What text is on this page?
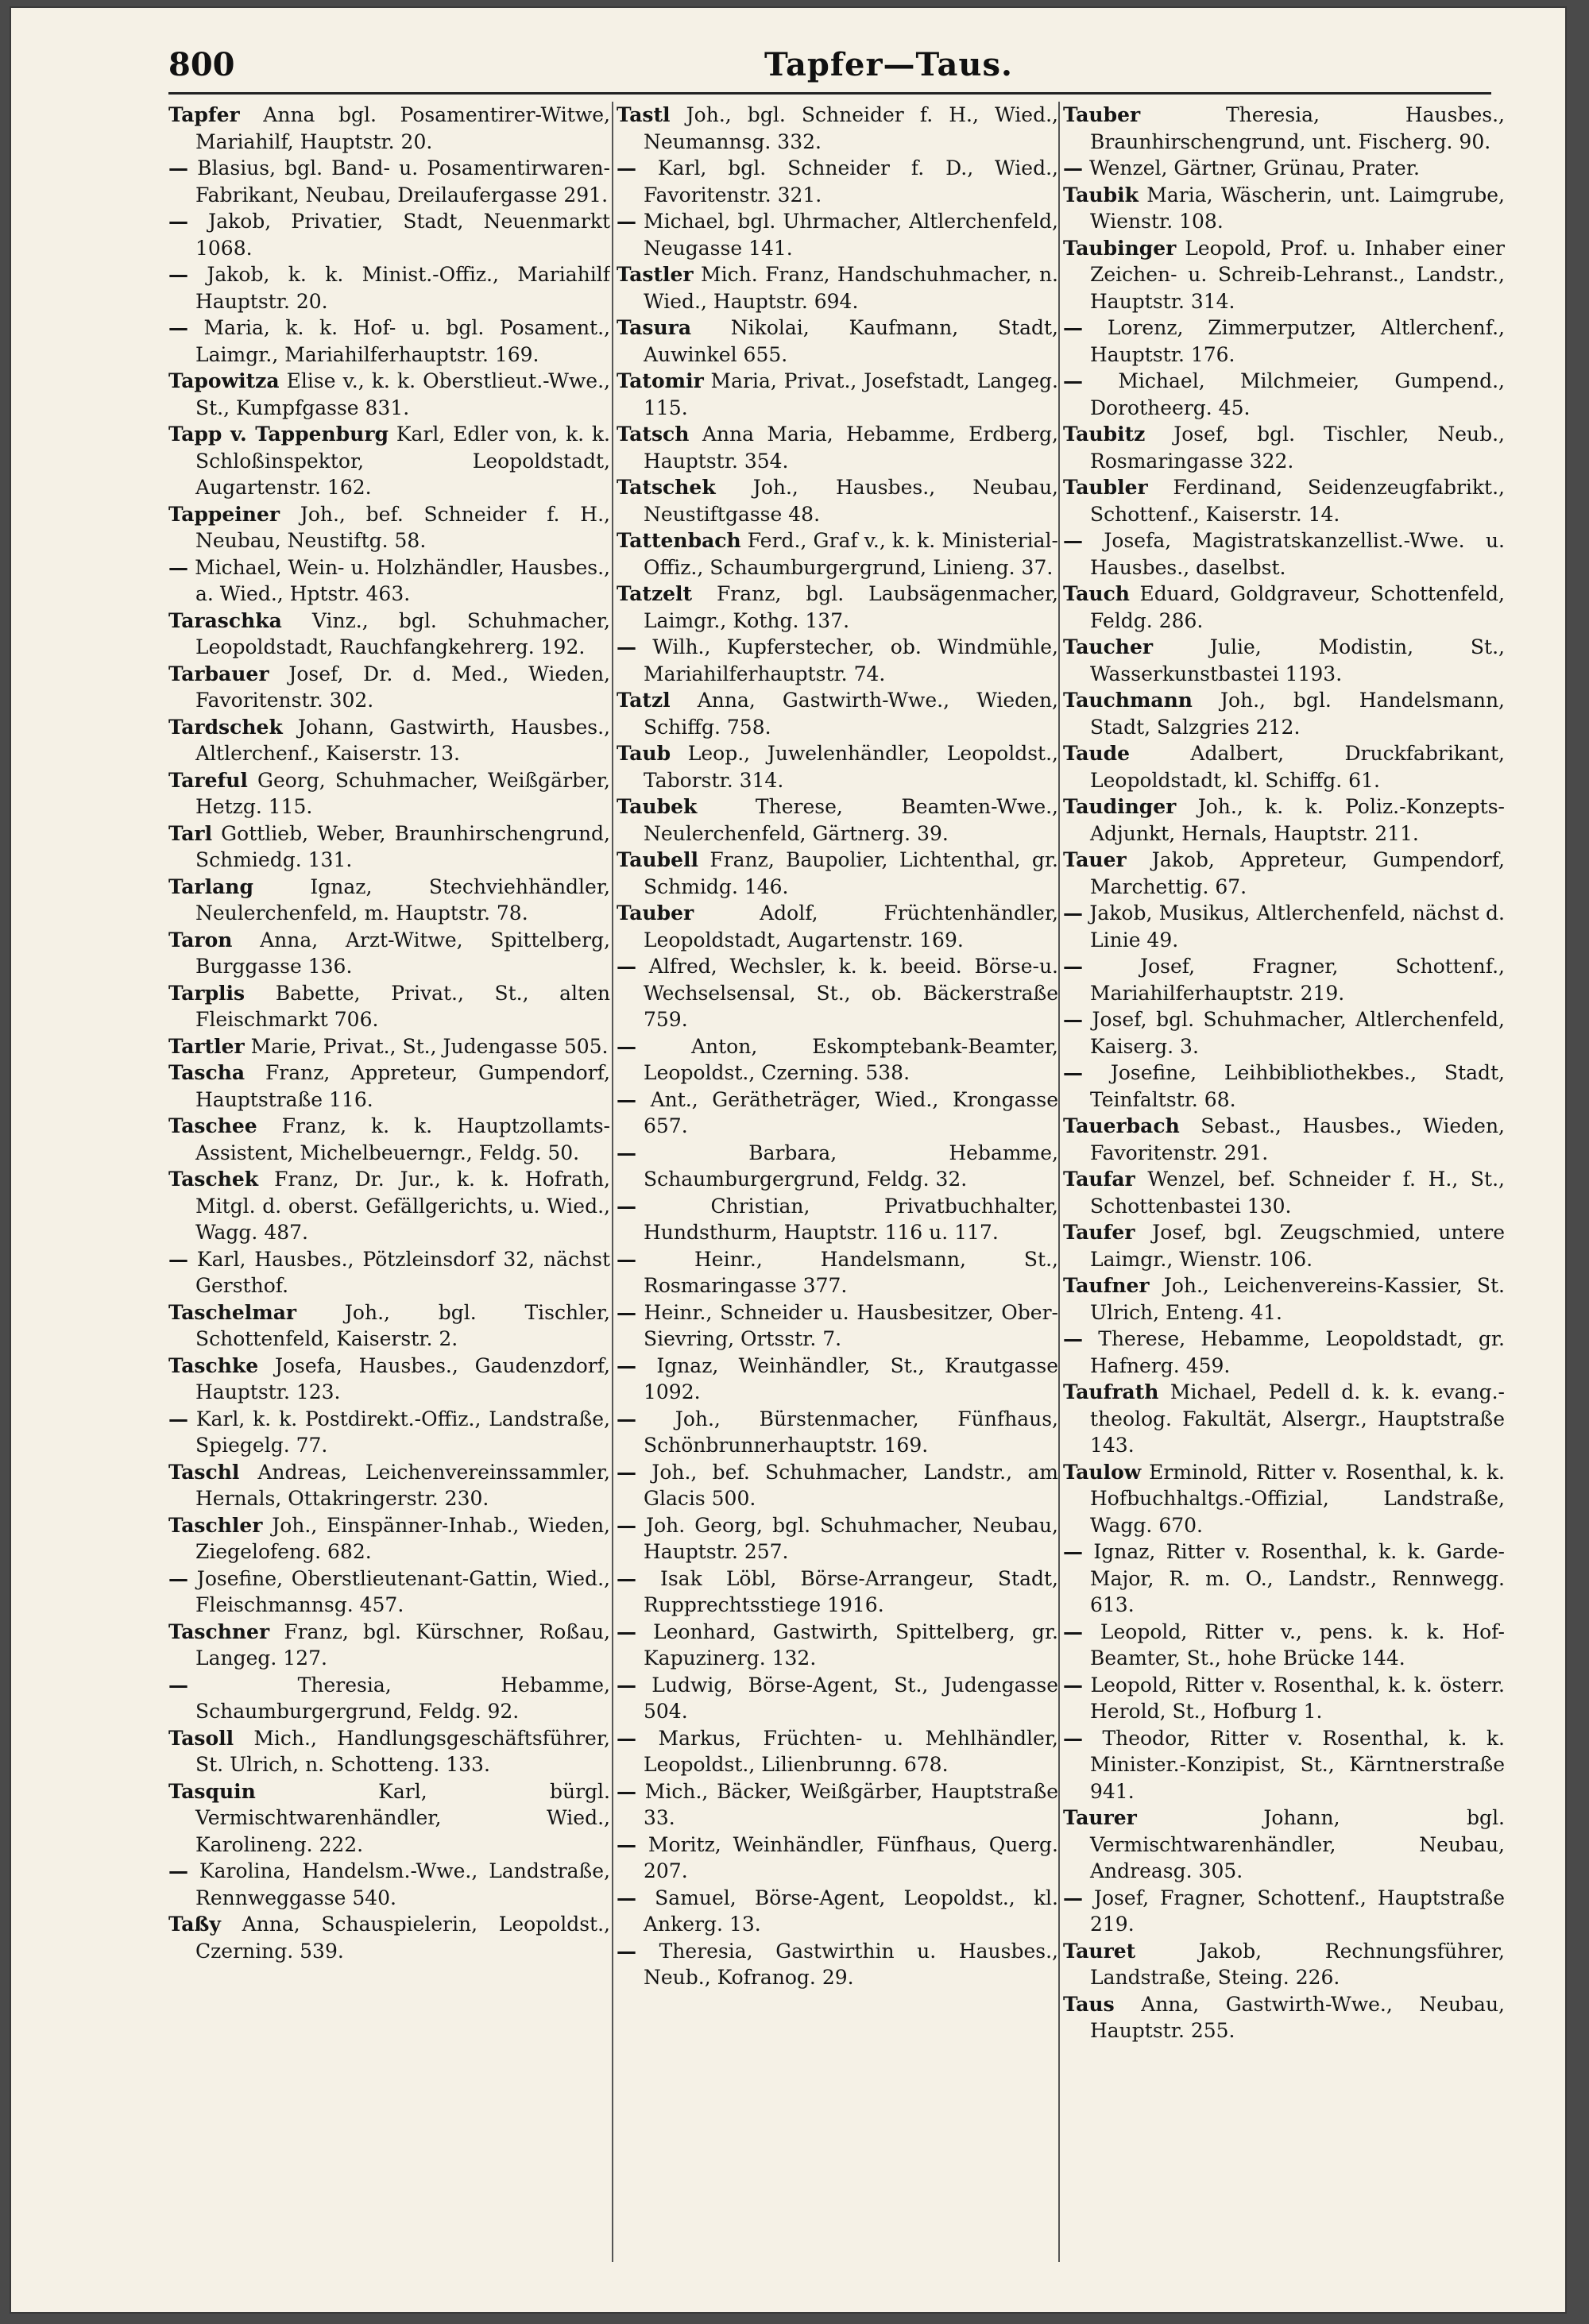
800	Tapfer—Taus.

Tapfer Anna bgl. Posamentirer-Witwe, Mariahilf, Hauptstr. 20.

— Blasius, bgl. Band- u. Posamentirwaren-Fabrikant, Neubau, Dreilaufergasse 291.

— Jakob, Privatier, Stadt, Neuenmarkt 1068.

— Jakob, k. k. Minist.-Offiz., Mariahilf Hauptstr. 20.

— Maria, k. k. Hof- u. bgl. Posament., Laimgr., Mariahilferhauptstr. 169.

Tapowitza Elise v., k. k. Oberstlieut.-Wwe., St., Kumpfgasse 831.

Tapp v. Tappenburg Karl, Edler von, k. k. Schloßinspektor, Leopoldstadt, Augartenstr. 162.

Tappeiner Joh., bef. Schneider f. H., Neubau, Neustiftg. 58.

— Michael, Wein- u. Holzhändler, Hausbes., a. Wied., Hptstr. 463.

Taraschka Vinz., bgl. Schuhmacher, Leopoldstadt, Rauchfangkehrerg. 192.

Tarbauer Josef, Dr. d. Med., Wieden, Favoritenstr. 302.

Tardschek Johann, Gastwirth, Hausbes., Altlerchenf., Kaiserstr. 13.

Tareful Georg, Schuhmacher, Weißgärber, Hetzg. 115.

Tarl Gottlieb, Weber, Braunhirschengrund, Schmiedg. 131.

Tarlang	Ignaz, Stechviehhändler, Neulerchenfeld, m. Hauptstr. 78.

Taron Anna, Arzt-Witwe, Spittelberg, Burggasse 136.

Tarplis Babette, Privat., St., alten Fleischmarkt 706.

Tartler Marie, Privat., St., Judengasse 505.

Tascha Franz, Appreteur, Gumpendorf, Hauptstraße 116.

Taschee Franz, k. k. Hauptzollamts-Assistent, Michelbeuerngr., Feldg. 50.

Taschek Franz, Dr. Jur., k. k. Hofrath, Mitgl. d. oberst. Gefällgerichts, u. Wied., Wagg. 487.

— Karl, Hausbes., Pötzleinsdorf 32, nächst Gersthof.

Taschelmar Joh., bgl. Tischler, Schottenfeld, Kaiserstr. 2.

Taschke Josefa, Hausbes., Gaudenzdorf, Hauptstr. 123.

— Karl, k. k. Postdirekt.-Offiz., Landstraße, Spiegelg. 77.

Taschl Andreas, Leichenvereinssammler, Hernals, Ottakringerstr. 230.

Taschler Joh., Einspänner-Inhab., Wieden, Ziegelofeng. 682.

— Josefine, Oberstlieutenant-Gattin, Wied., Fleischmannsg. 457.

Taschner Franz, bgl. Kürschner, Roßau, Langeg. 127.

—	Theresia, Hebamme, Schaumburgergrund, Feldg. 92.

Tasoll Mich., Handlungsgeschäftsführer, St. Ulrich, n. Schotteng. 133.

Tasquin	Karl, bürgl. Vermischtwarenhändler, Wied., Karolineng. 222.

— Karolina, Handelsm.-Wwe., Landstraße, Rennweggasse 540.

Taßy Anna, Schauspielerin, Leopoldst., Czerning. 539.

Tastl Joh., bgl. Schneider f. H., Wied., Neumannsg. 332.

— Karl, bgl. Schneider f. D., Wied., Favoritenstr. 321.

— Michael, bgl. Uhrmacher, Altlerchenfeld, Neugasse 141.

Tastler Mich. Franz, Handschuhmacher, n. Wied., Hauptstr. 694.

Tasura Nikolai, Kaufmann, Stadt, Auwinkel 655.

Tatomir Maria, Privat., Josefstadt, Langeg. 115.

Tatsch Anna Maria, Hebamme, Erdberg, Hauptstr. 354.

Tatschek Joh., Hausbes., Neubau, Neustiftgasse 48.

Tattenbach Ferd., Graf v., k. k. Ministerial-Offiz., Schaumburgergrund, Linieng. 37.

Tatzelt Franz, bgl. Laubsägenmacher, Laimgr., Kothg. 137.

— Wilh., Kupferstecher, ob. Windmühle, Mariahilferhauptstr. 74.

Tatzl Anna, Gastwirth-Wwe., Wieden, Schiffg. 758.

Taub Leop., Juwelenhändler, Leopoldst., Taborstr. 314.

Taubek	Therese, Beamten-Wwe., Neulerchenfeld, Gärtnerg. 39.

Taubell Franz, Baupolier, Lichtenthal, gr. Schmidg. 146.

Tauber	Adolf, Früchtenhändler, Leopoldstadt, Augartenstr. 169.

— Alfred, Wechsler, k. k. beeid. Börse-u. Wechselsensal, St., ob. Bäckerstraße 759.

—	Anton, Eskomptebank-Beamter, Leopoldst., Czerning. 538.

— Ant., Gerätheträger, Wied., Krongasse 657.

—	Barbara, Hebamme, Schaumburgergrund, Feldg. 32.

—	Christian, Privatbuchhalter, Hundsthurm, Hauptstr. 116 u. 117.

—	Heinr., Handelsmann, St., Rosmaringasse 377.

— Heinr., Schneider u. Hausbesitzer, Ober-Sievring, Ortsstr. 7.

— Ignaz, Weinhändler, St., Krautgasse 1092.

— Joh., Bürstenmacher, Fünfhaus, Schönbrunnerhauptstr. 169.

— Joh., bef. Schuhmacher, Landstr., am Glacis 500.

— Joh. Georg, bgl. Schuhmacher, Neubau, Hauptstr. 257.

— Isak Löbl, Börse-Arrangeur, Stadt, Rupprechtsstiege 1916.

— Leonhard, Gastwirth, Spittelberg, gr. Kapuzinerg. 132.

— Ludwig, Börse-Agent, St., Judengasse 504.

— Markus, Früchten- u. Mehlhändler, Leopoldst., Lilienbrunng. 678.

— Mich., Bäcker, Weißgärber, Hauptstraße 33.

— Moritz, Weinhändler, Fünfhaus, Querg. 207.

— Samuel, Börse-Agent, Leopoldst., kl. Ankerg. 13.

— Theresia, Gastwirthin u. Hausbes., Neub., Kofranog. 29.

Tauber	Theresia, Hausbes., Braunhirschengrund, unt. Fischerg. 90.

— Wenzel, Gärtner, Grünau, Prater.

Taubik Maria, Wäscherin, unt. Laimgrube, Wienstr. 108.

Taubinger Leopold, Prof. u. Inhaber einer Zeichen- u. Schreib-Lehranst., Landstr., Hauptstr. 314.

— Lorenz, Zimmerputzer, Altlerchenf., Hauptstr. 176.

— Michael, Milchmeier, Gumpend., Dorotheerg. 45.

Taubitz Josef, bgl. Tischler, Neub., Rosmaringasse 322.

Taubler Ferdinand, Seidenzeugfabrikt., Schottenf., Kaiserstr. 14.

— Josefa, Magistratskanzellist.-Wwe. u. Hausbes., daselbst.

Tauch Eduard, Goldgraveur, Schottenfeld, Feldg. 286.

Taucher	Julie, Modistin, St., Wasserkunstbastei 1193.

Tauchmann Joh., bgl. Handelsmann, Stadt, Salzgries 212.

Taude	Adalbert, Druckfabrikant, Leopoldstadt, kl. Schiffg. 61.

Taudinger Joh., k. k. Poliz.-Konzepts-Adjunkt, Hernals, Hauptstr. 211.

Tauer Jakob, Appreteur, Gumpendorf, Marchettig. 67.

— Jakob, Musikus, Altlerchenfeld, nächst d. Linie 49.

—	Josef, Fragner, Schottenf., Mariahilferhauptstr. 219.

— Josef, bgl. Schuhmacher, Altlerchenfeld, Kaiserg. 3.

— Josefine, Leihbibliothekbes., Stadt, Teinfaltstr. 68.

Tauerbach Sebast., Hausbes., Wieden, Favoritenstr. 291.

Taufar Wenzel, bef. Schneider f. H., St., Schottenbastei 130.

Taufer Josef, bgl. Zeugschmied, untere Laimgr., Wienstr. 106.

Taufner Joh., Leichenvereins-Kassier, St. Ulrich, Enteng. 41.

— Therese, Hebamme, Leopoldstadt, gr. Hafnerg. 459.

Taufrath Michael, Pedell d. k. k. evang.-theolog. Fakultät, Alsergr., Hauptstraße 143.

Taulow Erminold, Ritter v. Rosenthal, k. k. Hofbuchhaltgs.-Offizial, Landstraße, Wagg. 670.

— Ignaz, Ritter v. Rosenthal, k. k. Garde-Major, R. m. O., Landstr., Rennwegg. 613.

— Leopold, Ritter v., pens. k. k. Hof-Beamter, St., hohe Brücke 144.

— Leopold, Ritter v. Rosenthal, k. k. österr. Herold, St., Hofburg 1.

— Theodor, Ritter v. Rosenthal, k. k. Minister.-Konzipist, St., Kärntnerstraße 941.

Taurer	Johann, bgl. Vermischtwarenhändler, Neubau, Andreasg. 305.

— Josef, Fragner, Schottenf., Hauptstraße 219.

Tauret	Jakob, Rechnungsführer, Landstraße, Steing. 226.

Taus Anna, Gastwirth-Wwe., Neubau, Hauptstr. 255.
